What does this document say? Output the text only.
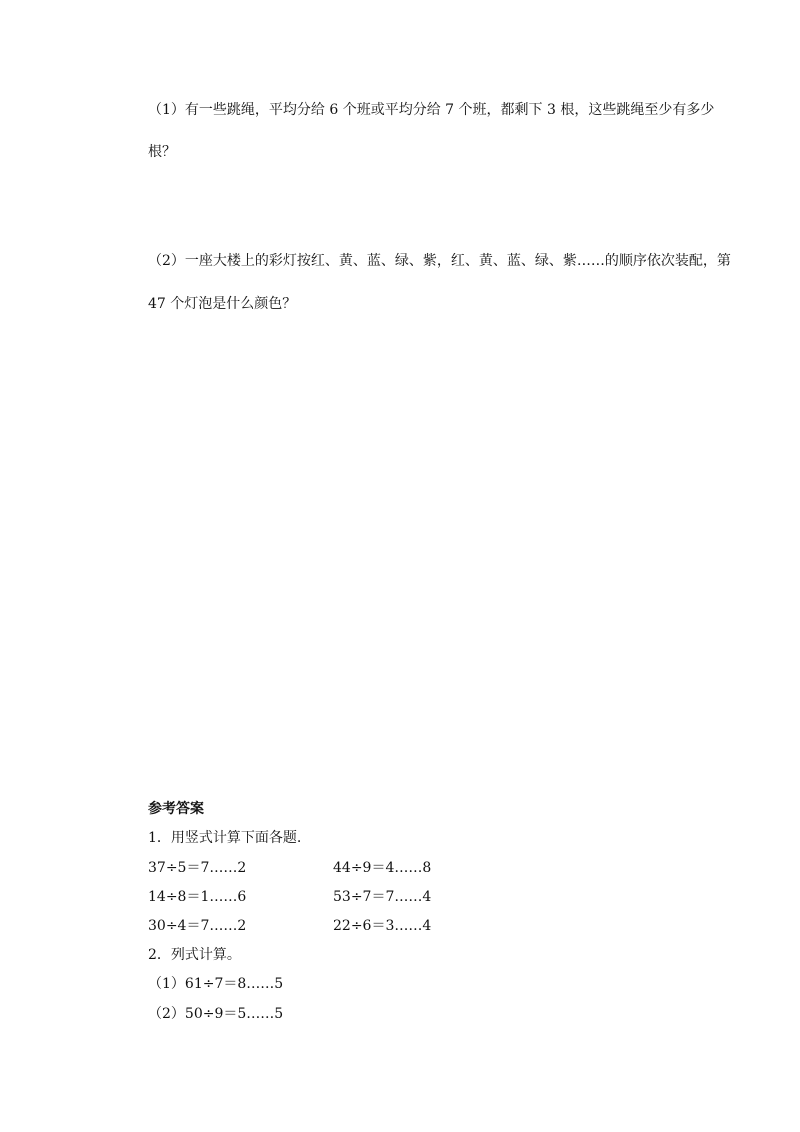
（1）有一些跳绳，平均分给 6 个班或平均分给 7 个班，都剩下 3 根，这些跳绳至少有多少
根？
（2）一座大楼上的彩灯按红、黄、蓝、绿、紫，红、黄、蓝、绿、紫……的顺序依次装配，第
47 个灯泡是什么颜色？
参考答案
1．用竖式计算下面各题.
37÷5＝7……2	44÷9＝4……8
14÷8＝1……6	53÷7＝7……4
30÷4＝7……2	22÷6＝3……4
2．列式计算。
（1）61÷7＝8……5
（2）50÷9＝5……5
